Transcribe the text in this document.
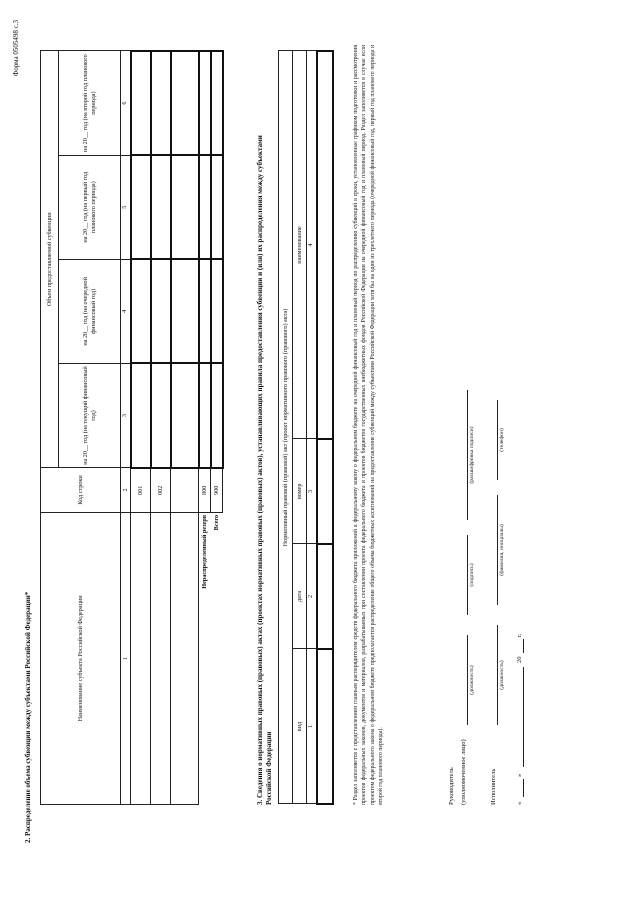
Форма 0505498 с.3
2. Распределение объема субвенции между субъектами Российской Федерации*	Наименование субъекта Российской Федерации	Код строки	Объем предоставляемой субвенции			
		на 20__ год (на текущий финансовый год)	на 20__ год (на очередной финансовый год)	на 20__ год (на первый год планового периода)	на 20__ год (на второй год планового периода)
1	2	3	4	5	6
	001				
	002				

Нераспределенный резерв	800				
Всего	900					3. Сведения о нормативных правовых (правовых) актах (проектах нормативных правовых (правовых) актов), устанавливающих правила предоставления субвенции и (или) их распределения между субъектами Российской Федерации
Нормативный правовой (правовой) акт (проект нормативного правового (правового) акта)			
вид	дата	номер	наименование
1	2	3	4
				* Раздел заполняется с представлением главным распорядителем средств федерального бюджета приложений к федеральному закону о федеральном бюджете на очередной финансовый год и плановый период по распределению субвенций в сроки, установленные графиком подготовки и рассмотрения проектов федеральных законов, документов и материалов, разрабатываемых при составлении проекта федерального бюджета и проектов бюджетов государственных внебюджетных фондов Российской Федерации на очередной финансовый год и плановый период. Раздел заполняется в случае если проектом федерального закона о федеральном бюджете предполагается распределение общего объема бюджетных ассигнований на предоставление субвенций между субъектами Российской Федерации хотя бы на один из трехлетнего периода (очередной финансовый год, первый год планового периода и второй год планового периода).	Руководитель (уполномоченное лицо)
(должность)
(подпись)
(расшифровка подписи)
Исполнитель
(должность)
(фамилия, инициалы)
(телефон)
«
»
20
г.
